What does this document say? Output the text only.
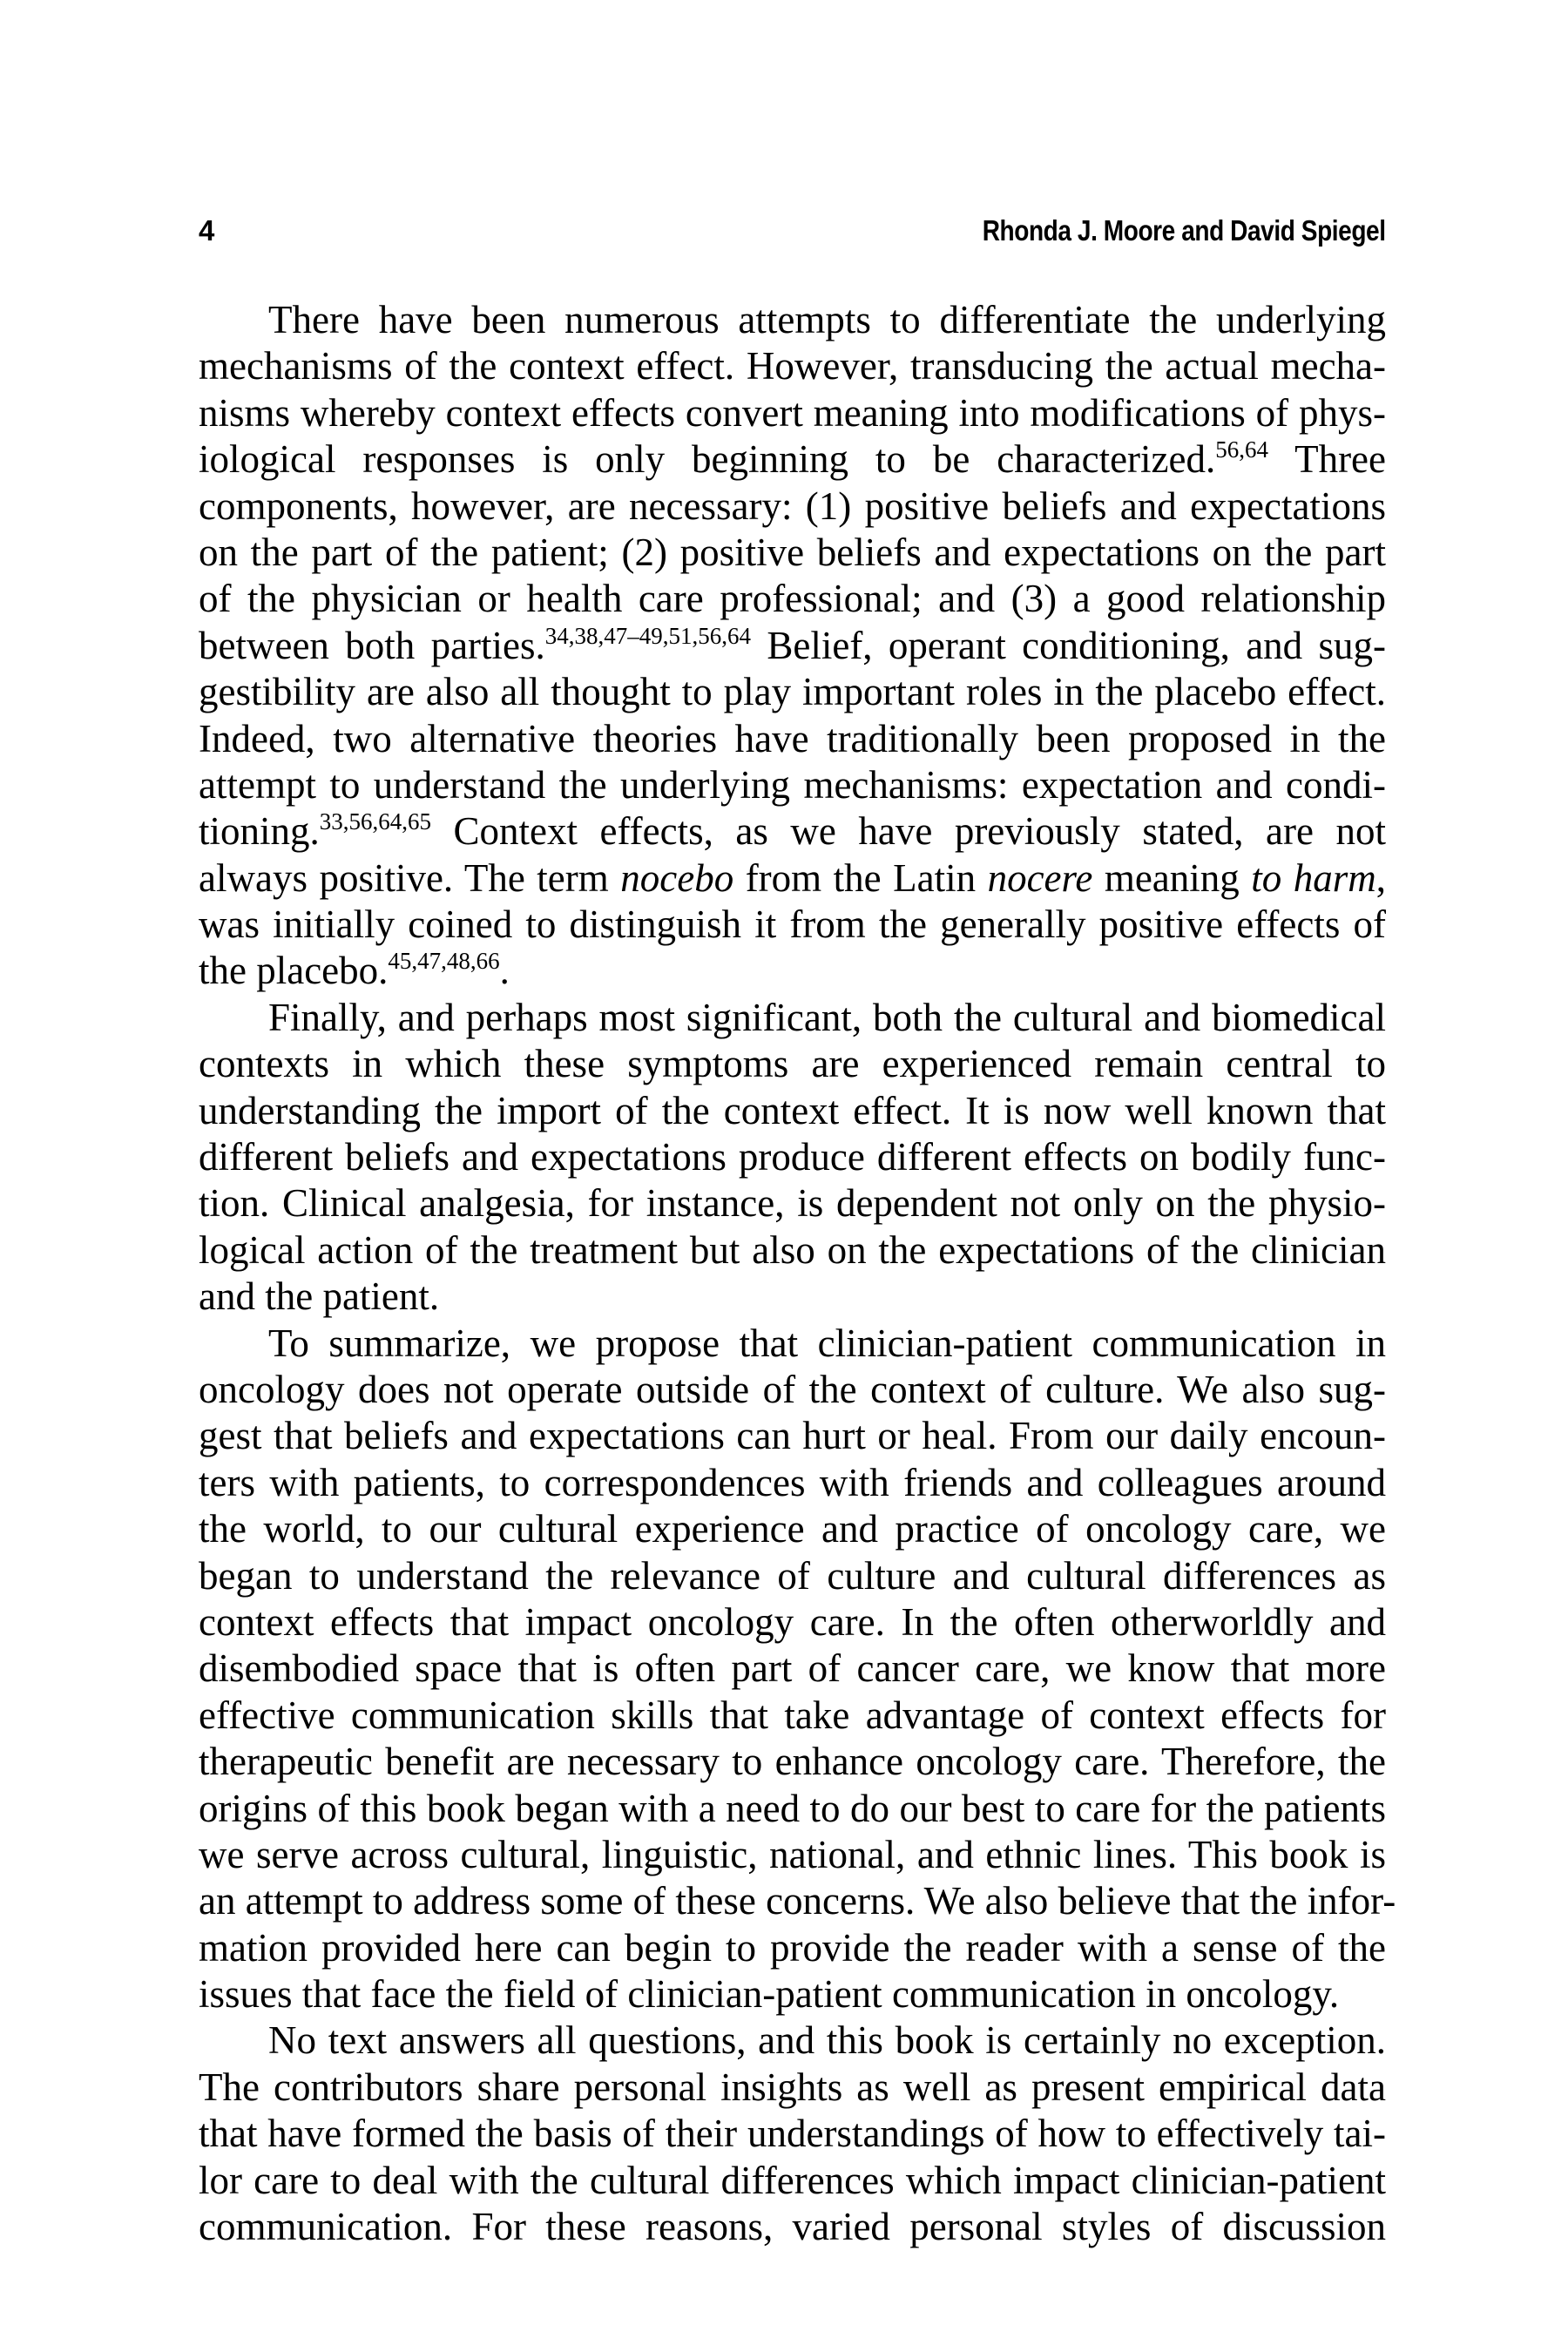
4	Rhonda J. Moore and David Spiegel
There have been numerous attempts to differentiate the underlying
mechanisms of the context effect. However, transducing the actual mecha-
nisms whereby context effects convert meaning into modifications of phys-
iological responses is only beginning to be characterized.$^{56,64}$ Three
components, however, are necessary: (1) positive beliefs and expectations
on the part of the patient; (2) positive beliefs and expectations on the part
of the physician or health care professional; and (3) a good relationship
between both parties.$^{34,38,47-49,51,56,64}$ Belief, operant conditioning, and sug-
gestibility are also all thought to play important roles in the placebo effect.
Indeed, two alternative theories have traditionally been proposed in the
attempt to understand the underlying mechanisms: expectation and condi-
tioning.$^{33,56,64,65}$ Context effects, as we have previously stated, are not
always positive. The term nocebo from the Latin nocere meaning to harm,
was initially coined to distinguish it from the generally positive effects of
the placebo.$^{45,47,48,66}$.
Finally, and perhaps most significant, both the cultural and biomedical
contexts in which these symptoms are experienced remain central to
understanding the import of the context effect. It is now well known that
different beliefs and expectations produce different effects on bodily func-
tion. Clinical analgesia, for instance, is dependent not only on the physio-
logical action of the treatment but also on the expectations of the clinician
and the patient.
To summarize, we propose that clinician-patient communication in
oncology does not operate outside of the context of culture. We also sug-
gest that beliefs and expectations can hurt or heal. From our daily encoun-
ters with patients, to correspondences with friends and colleagues around
the world, to our cultural experience and practice of oncology care, we
began to understand the relevance of culture and cultural differences as
context effects that impact oncology care. In the often otherworldly and
disembodied space that is often part of cancer care, we know that more
effective communication skills that take advantage of context effects for
therapeutic benefit are necessary to enhance oncology care. Therefore, the
origins of this book began with a need to do our best to care for the patients
we serve across cultural, linguistic, national, and ethnic lines. This book is
an attempt to address some of these concerns. We also believe that the infor-
mation provided here can begin to provide the reader with a sense of the
issues that face the field of clinician-patient communication in oncology.
No text answers all questions, and this book is certainly no exception.
The contributors share personal insights as well as present empirical data
that have formed the basis of their understandings of how to effectively tai-
lor care to deal with the cultural differences which impact clinician-patient
communication. For these reasons, varied personal styles of discussion
